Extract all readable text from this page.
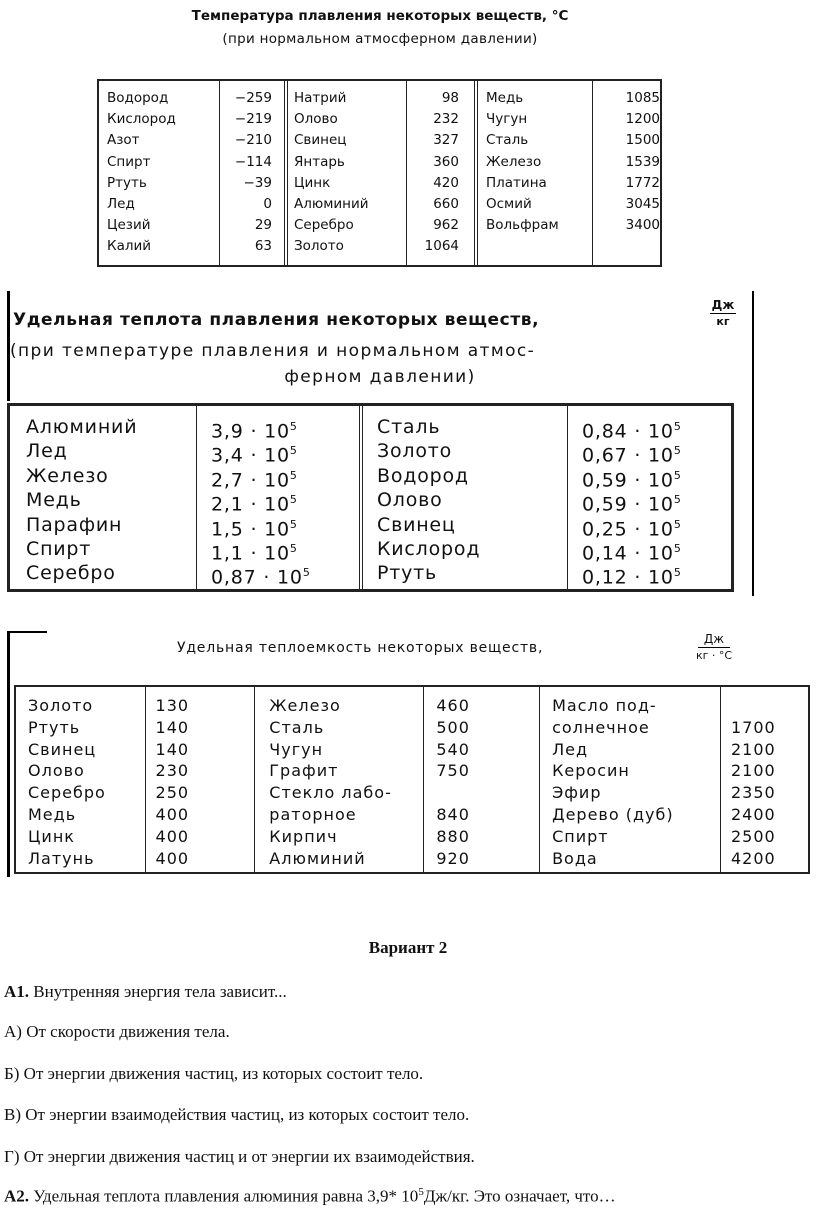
Температура плавления некоторых веществ, °С
(при нормальном атмосферном давлении)
Водород
Кислород
Азот
Спирт
Ртуть
Лед
Цезий
Калий
−259
−219
−210
−114
−39
0
29
63
Натрий
Олово
Свинец
Янтарь
Цинк
Алюминий
Серебро
Золото
98
232
327
360
420
660
962
1064
Медь
Чугун
Сталь
Железо
Платина
Осмий
Вольфрам
1085
1200
1500
1539
1772
3045
3400
Удельная теплота плавления некоторых веществ,
Дж
кг
(при температуре плавления и нормальном атмос-
ферном давлении)
Алюминий
Лед
Железо
Медь
Парафин
Спирт
Серебро
$3,9 \cdot 10^5$
$3,4 \cdot 10^5$
$2,7 \cdot 10^5$
$2,1 \cdot 10^5$
$1,5 \cdot 10^5$
$1,1 \cdot 10^5$
$0,87 \cdot 10^5$
Сталь
Золото
Водород
Олово
Свинец
Кислород
Ртуть
$0,84 \cdot 10^5$
$0,67 \cdot 10^5$
$0,59 \cdot 10^5$
$0,59 \cdot 10^5$
$0,25 \cdot 10^5$
$0,14 \cdot 10^5$
$0,12 \cdot 10^5$
Удельная теплоемкость некоторых веществ,
Дж
кг · °С
Золото
Ртуть
Свинец
Олово
Серебро
Медь
Цинк
Латунь
130
140
140
230
250
400
400
400
Железо
Сталь
Чугун
Графит
Стекло лабо-
раторное
Кирпич
Алюминий
460
500
540
750
840
880
920
Масло под-
солнечное
Лед
Керосин
Эфир
Дерево (дуб)
Спирт
Вода
1700
2100
2100
2350
2400
2500
4200
Вариант 2
А1. Внутренняя энергия тела зависит...
А) От скорости движения тела.
Б) От энергии движения частиц, из которых состоит тело.
В) От энергии взаимодействия частиц, из которых состоит тело.
Г) От энергии движения частиц и от энергии их взаимодействия.
А2. Удельная теплота плавления алюминия равна 3,9* $10^5Дж/кг$. Это означает, что…
